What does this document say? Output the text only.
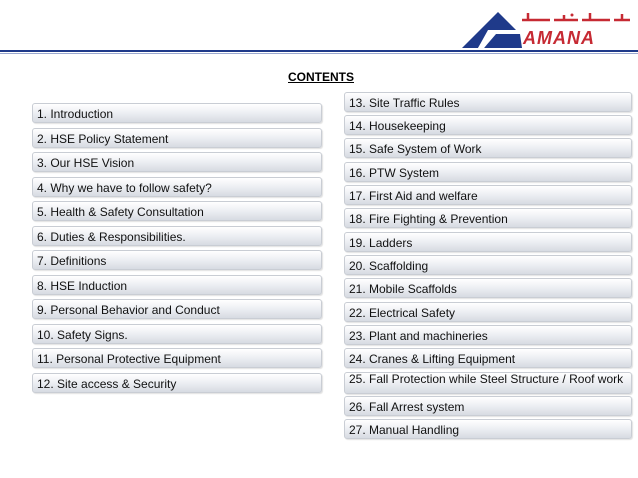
AMANA
CONTENTS
1. Introduction
2. HSE Policy Statement
3. Our HSE Vision
4. Why we have to follow safety?
5. Health & Safety Consultation
6. Duties & Responsibilities.
7. Definitions
8. HSE Induction
9. Personal Behavior and Conduct
10. Safety Signs.
11. Personal Protective Equipment
12. Site access & Security
13. Site Traffic Rules
14. Housekeeping
15. Safe System of Work
16. PTW System
17. First Aid and welfare
18. Fire Fighting & Prevention
19. Ladders
20. Scaffolding
21. Mobile Scaffolds
22. Electrical Safety
23. Plant and machineries
24. Cranes & Lifting Equipment
25. Fall Protection while Steel Structure / Roof work
26. Fall Arrest system
27. Manual Handling
